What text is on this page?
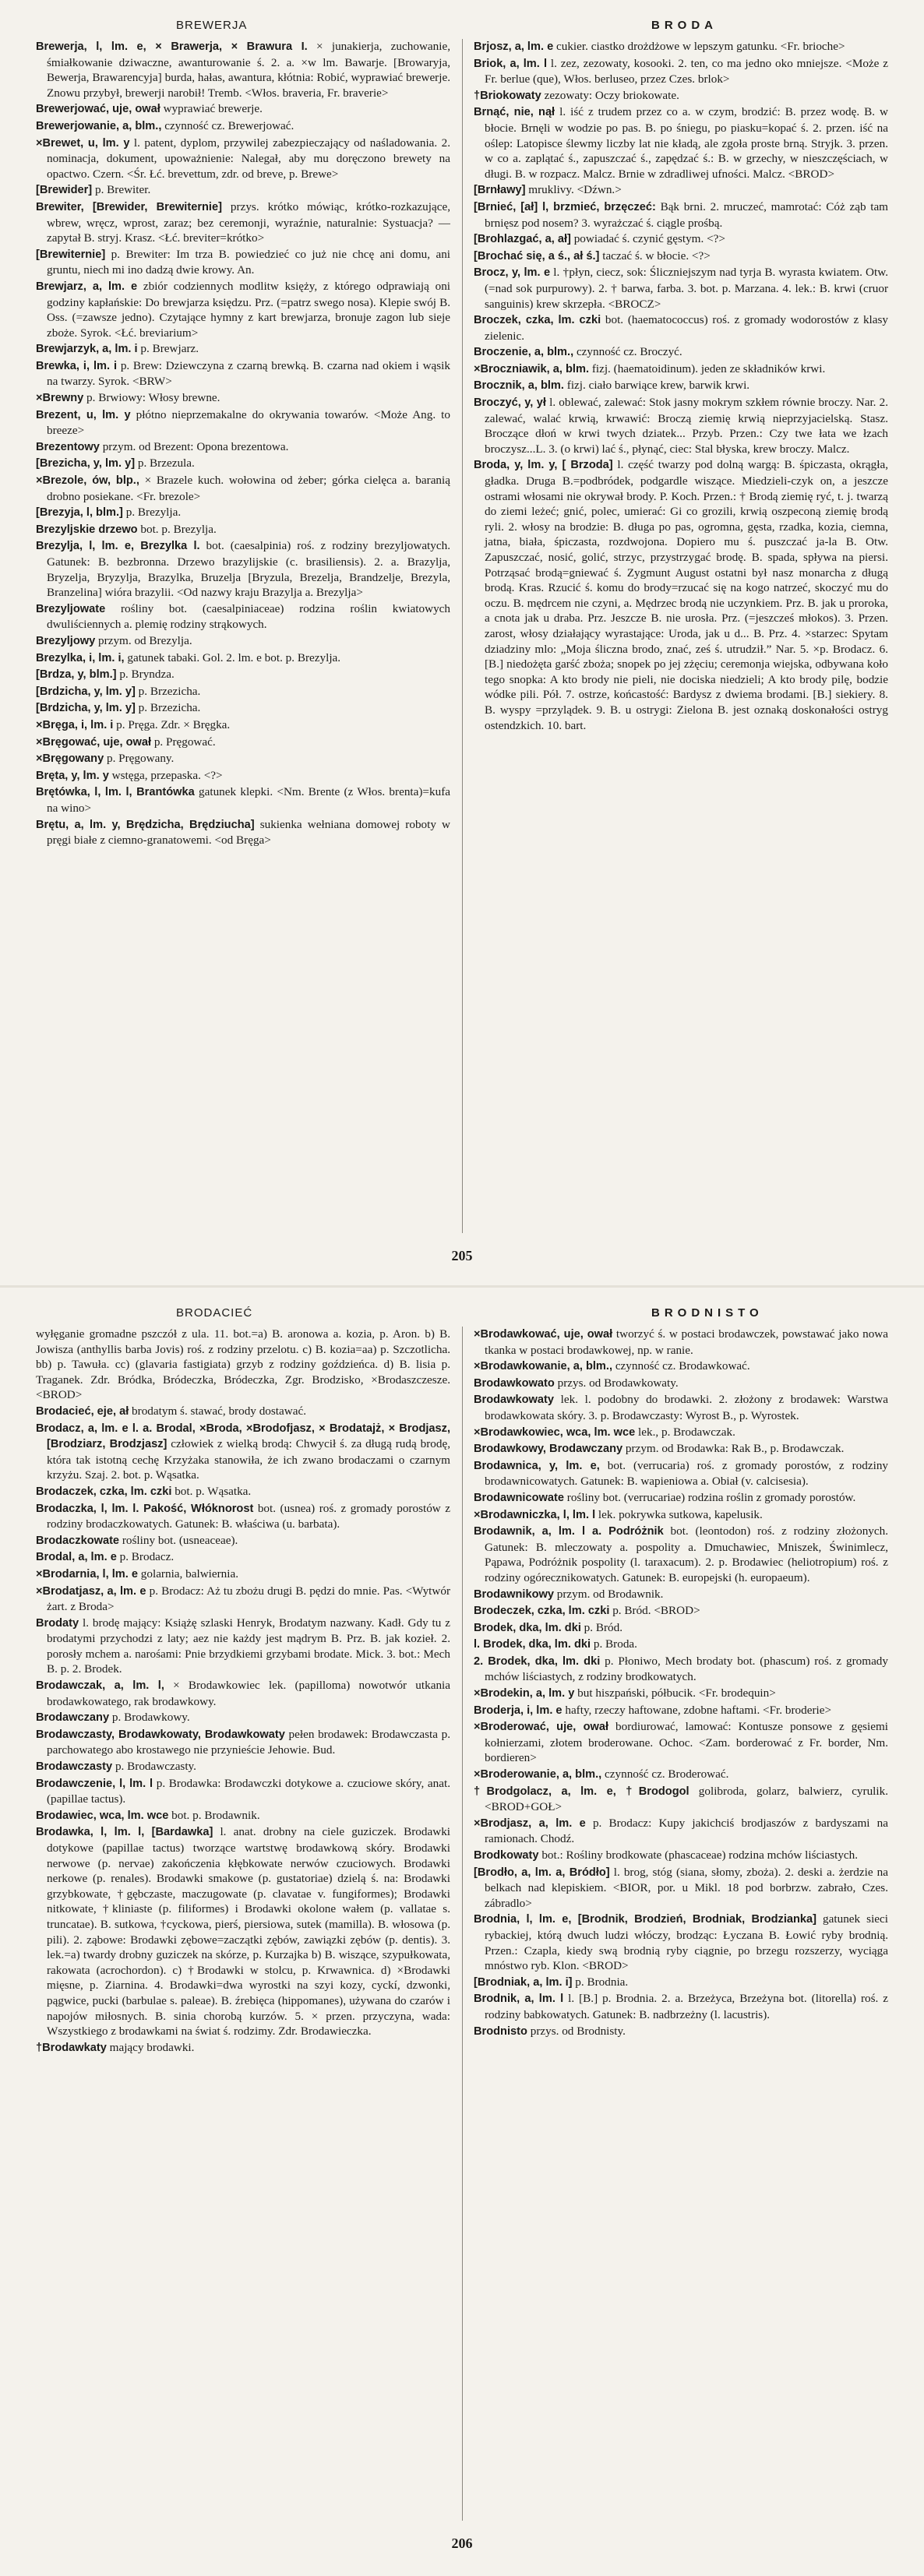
BREWERJA	BRODA

Brewerja, l, lm. e, × Brawerja, × Brawura I. × junakierja, zuchowanie, śmiałkowanie dziwaczne, awanturowanie ś. 2. a. ×w lm. Bawarje. [Browaryja, Bewerja, Brawarencyja] burda, hałas, awantura, kłótnia: Robić, wyprawiać brewerje. Znowu przybył, brewerji narobił! Tremb. <Włos. braveria, Fr. braverie>

Brewerjować, uje, ował wyprawiać brewerje.

Brewerjowanie, a, blm., czynność cz. Brewerjować.

×Brewet, u, lm. y l. patent, dyplom, przywilej zabezpieczający od naśladowania. 2. nominacja, dokument, upoważnienie: Nalegał, aby mu doręczono brewety na opactwo. Czern. <Śr. Łć. brevettum, zdr. od breve, p. Brewe>

[Brewider] p. Brewiter.

Brewiter, [Brewider, Brewiternie] przys. krótko mówiąc, krótko-rozkazujące, wbrew, wręcz, wprost, zaraz; bez ceremonji, wyraźnie, naturalnie: Systuacja? — zapytał B. stryj. Krasz. <Łć. breviter=krótko>

[Brewiternie] p. Brewiter: Im trza B. powiedzieć co już nie chcę ani domu, ani gruntu, niech mi ino dadzą dwie krowy. An.

Brewjarz, a, lm. e zbiór codziennych modlitw księży, z którego odprawiają oni godziny kapłańskie: Do brewjarza księdzu. Prz. (=patrz swego nosa). Klepie swój B. Oss. (=zawsze jedno). Czytające hymny z kart brewjarza, bronuje zagon lub sieje zboże. Syrok. <Łć. breviarium>

Brewjarzyk, a, lm. i p. Brewjarz.

Brewka, i, lm. i p. Brew: Dziewczyna z czarną brewką. B. czarna nad okiem i wąsik na twarzy. Syrok. <BRW>

×Brewny p. Brwiowy: Włosy brewne.

Brezent, u, lm. y płótno nieprzemakalne do okrywania towarów. <Może Ang. to breeze>

Brezentowy przym. od Brezent: Opona brezentowa.

[Brezicha, y, lm. y] p. Brzezula.

×Brezole, ów, blp., × Brazele kuch. wołowina od żeber; górka cielęca a. baranią drobno posiekane. <Fr. brezole>

[Brezyja, l, blm.] p. Brezylja.

Brezyljskie drzewo bot. p. Brezylja.

Brezylja, l, lm. e, Brezylka l. bot. (caesalpinia) roś. z rodziny brezyljowatych. Gatunek: B. bezbronna. Drzewo brazylijskie (c. brasiliensis). 2. a. Brazylja, Bryzelja, Bryzylja, Brazylka, Bruzelja [Bryzula, Brezelja, Brandzelje, Brezyla, Branzelina] wióra brazylii. <Od nazwy kraju Brazylja a. Brezylja>

Brezyljowate rośliny bot. (caesalpiniaceae) rodzina roślin kwiatowych dwuliściennych a. plemię rodziny strąkowych.

Brezyljowy przym. od Brezylja.

Brezylka, i, lm. i, gatunek tabaki. Gol. 2. lm. e bot. p. Brezylja.

[Brdza, y, blm.] p. Bryndza.

[Brdzicha, y, lm. y] p. Brzezicha.

[Brdzicha, y, lm. y] p. Brzezicha.

×Bręga, i, lm. i p. Pręga. Zdr. × Bręgka.

×Bręgować, uje, ował p. Pręgować.

×Bręgowany p. Pręgowany.

Bręta, y, lm. y wstęga, przepaska. <?>

Brętówka, l, lm. l, Brantówka gatunek klepki. <Nm. Brente (z Włos. brenta)=kufa na wino>

Brętu, a, lm. y, Brędzicha, Brędziucha] sukienka wełniana domowej roboty w pręgi białe z ciemno-granatowemi. <od Bręga>

Brjosz, a, lm. e cukier. ciastko drożdżowe w lepszym gatunku. <Fr. brioche>

Briok, a, lm. l l. zez, zezowaty, kosooki. 2. ten, co ma jedno oko mniejsze. <Może z Fr. berlue (que), Włos. berluseo, przez Czes. brlok>

†Briokowaty zezowaty: Oczy briokowate.

Brnąć, nie, nął l. iść z trudem przez co a. w czym, brodzić: B. przez wodę. B. w błocie. Brnęli w wodzie po pas. B. po śniegu, po piasku=kopać ś. 2. przen. iść na oślep: Latopisce ślewmy liczby lat nie kładą, ale zgoła proste brną. Stryjk. 3. przen. w co a. zaplątać ś., zapuszczać ś., zapędzać ś.: B. w grzechy, w nieszczęściach, w długi. B. w rozpacz. Malcz. Brnie w zdradliwej ufności. Malcz. <BROD>

[Brnławy] mruklivy. <Dźwn.>

[Brnieć, [ał] l, brzmieć, brzęczeć: Bąk brni. 2. mruczeć, mamrotać: Cóż ząb tam brnięsz pod nosem? 3. wyrażczać ś. ciągle prośbą.

[Brohlazgać, a, ał] powiadać ś. czynić gęstym. <?>

[Brochać się, a ś., ał ś.] taczać ś. w błocie. <?>

Brocz, y, lm. e l. †płyn, ciecz, sok: Śliczniejszym nad tyrja B. wyrasta kwiatem. Otw. (=nad sok purpurowy). 2. † barwa, farba. 3. bot. p. Marzana. 4. lek.: B. krwi (cruor sanguinis) krew skrzepła. <BROCZ>

Broczek, czka, lm. czki bot. (haematococcus) roś. z gromady wodorostów z klasy zielenic.

Broczenie, a, blm., czynność cz. Broczyć.

×Broczniawik, a, blm. fizj. (haematoidinum). jeden ze składników krwi.

Brocznik, a, blm. fizj. ciało barwiące krew, barwik krwi.

Broczyć, y, ył l. oblewać, zalewać: Stok jasny mokrym szkłem równie broczy. Nar. 2. zalewać, walać krwią, krwawić: Broczą ziemię krwią nieprzyjacielską. Stasz. Broczące dłoń w krwi twych dziatek... Przyb. Przen.: Czy twe łata we łzach broczysz...L. 3. (o krwi) lać ś., płynąć, ciec: Stal błyska, krew broczy. Malcz.

Broda, y, lm. y, [ Brzoda] l. część twarzy pod dolną wargą: B. śpiczasta, okrągła, gładka. Druga B.=podbródek, podgardle wiszące. Miedzieli-czyk on, a jeszcze ostrami włosami nie okrywał brody. P. Koch. Przen.: † Brodą ziemię ryć, t. j. twarzą do ziemi leżeć; gnić, polec, umierać: Gi co grozili, krwią oszpeconą ziemię brodą ryli. 2. włosy na brodzie: B. długa po pas, ogromna, gęsta, rzadka, kozia, ciemna, jatna, biała, śpiczasta, rozdwojona. Dopiero mu ś. puszczać ja-la B. Otw. Zapuszczać, nosić, golić, strzyc, przystrzygać brodę. B. spada, spływa na piersi. Potrząsać brodą=gniewać ś. Zygmunt August ostatni był nasz monarcha z długą brodą. Kras. Rzucić ś. komu do brody=rzucać się na kogo natrzeć, skoczyć mu do oczu. B. mędrcem nie czyni, a. Mędrzec brodą nie uczynkiem. Prz. B. jak u proroka, a cnota jak u draba. Prz. Jeszcze B. nie urosła. Prz. (=jeszcześ młokos). 3. Przen. zarost, włosy działający wyrastające: Uroda, jak u d... B. Prz. 4. ×starzec: Spytam dziadziny mlo: „Moja śliczna brodo, znać, ześ ś. utrudził.” Nar. 5. ×p. Brodacz. 6. [B.] niedożęta garść zboża; snopek po jej zżęciu; ceremonja wiejska, odbywana koło tego snopka: A kto brody nie pieli, nie dociska niedzieli; A kto brody pilę, bodzie wódke pili. Pół. 7. ostrze, końcastość: Bardysz z dwiema brodami. [B.] siekiery. 8. B. wyspy =przylądek. 9. B. u ostrygi: Zielona B. jest oznaką doskonałości ostryg ostendzkich. 10. bart.

205
BRODACIEĆ	BRODNISTO

wyłęganie gromadne pszczół z ula. 11. bot.=a) B. aronowa a. kozia, p. Aron. b) B. Jowisza (anthyllis barba Jovis) roś. z rodziny przelotu. c) B. kozia=aa) p. Szczotlicha. bb) p. Tawuła. cc) (glavaria fastigiata) grzyb z rodziny goździeńca. d) B. lisia p. Traganek. Zdr. Bródka, Bródeczka, Bródeczka, Zgr. Brodzisko, ×Brodaszczesze. <BROD>

Brodacieć, eje, ał brodatym ś. stawać, brody dostawać.

Brodacz, a, lm. e l. a. Brodal, ×Broda, ×Brodofjasz, × Brodatajż, × Brodjasz, [Brodziarz, Brodzjasz] człowiek z wielką brodą: Chwycił ś. za długą rudą brodę, która tak istotną cechę Krzyżaka stanowiła, że ich zwano brodaczami o czarnym krzyżu. Szaj. 2. bot. p. Wąsatka.

Brodaczek, czka, lm. czki bot. p. Wąsatka.

Brodaczka, l, lm. l. Pakość, Włóknorost bot. (usnea) roś. z gromady porostów z rodziny brodaczkowatych. Gatunek: B. właściwa (u. barbata).

Brodaczkowate rośliny bot. (usneaceae).

Brodal, a, lm. e p. Brodacz.

×Brodarnia, l, lm. e golarnia, balwiernia.

×Brodatjasz, a, lm. e p. Brodacz: Aż tu zbożu drugi B. pędzi do mnie. Pas. <Wytwór żart. z Broda>

Brodaty l. brodę mający: Książę szlaski Henryk, Brodatym nazwany. Kadł. Gdy tu z brodatymi przychodzi z laty; aez nie każdy jest mądrym B. Prz. B. jak kozieł. 2. porosły mchem a. narośami: Pnie brzydkiemi grzybami brodate. Mick. 3. bot.: Mech B. p. 2. Brodek.

Brodawczak, a, lm. l, × Brodawkowiec lek. (papilloma) nowotwór utkania brodawkowatego, rak brodawkowy.

Brodawczany p. Brodawkowy.

Brodawczasty, Brodawkowaty, Brodawkowaty pełen brodawek: Brodawczasta p. parchowatego abo krostawego nie przynieście Jehowie. Bud.

Brodawczasty p. Brodawczasty.

Brodawczenie, l, lm. l p. Brodawka: Brodawczki dotykowe a. czuciowe skóry, anat. (papillae tactus).

Brodawiec, wca, lm. wce bot. p. Brodawnik.

Brodawka, l, lm. l, [Bardawka] l. anat. drobny na ciele guziczek. Brodawki dotykowe (papillae tactus) tworzące wartstwę brodawkową skóry. Brodawki nerwowe (p. nervae) zakończenia kłębkowate nerwów czuciowych. Brodawki nerkowe (p. renales). Brodawki smakowe (p. gustatoriae) dzielą ś. na: Brodawki grzybkowate, †gębczaste, maczugowate (p. clavatae v. fungiformes); Brodawki nitkowate, †kliniaste (p. filiformes) i Brodawki okolone wałem (p. vallatae s. truncatae). B. sutkowa, †cyckowa, pierś, piersiowa, sutek (mamilla). B. włosowa (p. pili). 2. ząbowe: Brodawki zębowe=zaczątki zębów, zawiązki zębów (p. dentis). 3. lek.=a) twardy drobny guziczek na skórze, p. Kurzajka b) B. wiszące, szypułkowata, rakowata (acrochordon). c) †Brodawki w stolcu, p. Krwawnica. d) ×Brodawki mięsne, p. Ziarnina. 4. Brodawki=dwa wyrostki na szyi kozy, cyckí, dzwonki, pągwice, pucki (barbulae s. paleae). B. źrebięca (hippomanes), używana do czarów i napojów miłosnych. B. sinia chorobą kurzów. 5. × przen. przyczyna, wada: Wszystkiego z brodawkami na świat ś. rodzimy. Zdr. Brodawieczka.

†Brodawkaty mający brodawki.

×Brodawkować, uje, ował tworzyć ś. w postaci brodawczek, powstawać jako nowa tkanka w postaci brodawkowej, np. w ranie.

×Brodawkowanie, a, blm., czynność cz. Brodawkować.

Brodawkowato przys. od Brodawkowaty.

Brodawkowaty lek. l. podobny do brodawki. 2. złożony z brodawek: Warstwa brodawkowata skóry. 3. p. Brodawczasty: Wyrost B., p. Wyrostek.

×Brodawkowiec, wca, lm. wce lek., p. Brodawczak.

Brodawkowy, Brodawczany przym. od Brodawka: Rak B., p. Brodawczak.

Brodawnica, y, lm. e, bot. (verrucaria) roś. z gromady porostów, z rodziny brodawnicowatych. Gatunek: B. wapieniowa a. Obiał (v. calcisesia).

Brodawnicowate rośliny bot. (verrucariae) rodzina roślin z gromady porostów.

×Brodawniczka, l, lm. l lek. pokrywka sutkowa, kapelusik.

Brodawnik, a, lm. l a. Podróżnik bot. (leontodon) roś. z rodziny złożonych. Gatunek: B. mleczowaty a. pospolity a. Dmuchawiec, Mniszek, Świnimlecz, Pąpawa, Podróżnik pospolity (l. taraxacum). 2. p. Brodawiec (heliotropium) roś. z rodziny ogórecznikowatych. Gatunek: B. europejski (h. europaeum).

Brodawnikowy przym. od Brodawnik.

Brodeczek, czka, lm. czki p. Bród. <BROD>

Brodek, dka, lm. dki p. Bród.

l. Brodek, dka, lm. dki p. Broda.

2. Brodek, dka, lm. dki p. Płoniwo, Mech brodaty bot. (phascum) roś. z gromady mchów liściastych, z rodziny brodkowatych.

×Brodekin, a, lm. y but hiszpański, półbucik. <Fr. brodequin>

Broderja, i, lm. e hafty, rzeczy haftowane, zdobne haftami. <Fr. broderie>

×Broderować, uje, ował bordiurować, lamować: Kontusze ponsowe z gęsiemi kołnierzami, złotem broderowane. Ochoc. <Zam. borderować z Fr. border, Nm. bordieren>

×Broderowanie, a, blm., czynność cz. Broderować.

†Brodgolacz, a, lm. e, †Brodogol golibroda, golarz, balwierz, cyrulik. <BROD+GOŁ>

×Brodjasz, a, lm. e p. Brodacz: Kupy jakichciś brodjaszów z bardyszami na ramionach. Chodź.

Brodkowaty bot.: Rośliny brodkowate (phascaceae) rodzina mchów liściastych.

[Brodło, a, lm. a, Bródło] l. brog, stóg (siana, słomy, zboża). 2. deski a. żerdzie na belkach nad klepiskiem. <BIOR, por. u Mikl. 18 pod borbrzw. zabrało, Czes. zábradlo>

Brodnia, l, lm. e, [Brodnik, Brodzień, Brodniak, Brodzianka] gatunek sieci rybackiej, którą dwuch ludzi włóczy, brodząc: Łyczana B. Łowić ryby brodnią. Przen.: Czapla, kiedy swą brodnią ryby ciągnie, po brzegu rozszerzy, wyciąga mnóstwo ryb. Klon. <BROD>

[Brodniak, a, lm. i] p. Brodnia.

Brodnik, a, lm. l l. [B.] p. Brodnia. 2. a. Brzeżyca, Brzeżyna bot. (litorella) roś. z rodziny babkowatych. Gatunek: B. nadbrzeżny (l. lacustris).

Brodnisto przys. od Brodnisty.

206
